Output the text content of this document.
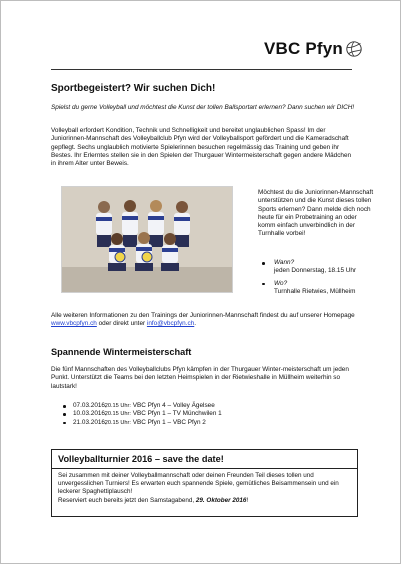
VBC Pfyn
Sportbegeistert? Wir suchen Dich!

Spielst du gerne Volleyball und möchtest die Kunst der tollen Ballsportart erlernen? Dann suchen wir DICH!

Volleyball erfordert Kondition, Technik und Schnelligkeit und bereitet unglaublichen Spass! Im der Juniorinnen-Mannschaft des Volleyballclub Pfyn wird der Volleyballsport gefördert und die Kameradschaft gepflegt. Sechs unglaublich motivierte Spielerinnen besuchen regelmässig das Training und geben ihr Bestes. Ihr Erlerntes stellen sie in den Spielen der Thurgauer Wintermeisterschaft gegen andere Mädchen in ihrem Alter unter Beweis.

Möchtest du die Juniorinnen-Mannschaft unterstützen und die Kunst dieses tollen Sports erlernen? Dann melde dich noch heute für ein Probetraining an oder komm einfach unverbindlich in der Turnhalle vorbei!

Wann?
jeden Donnerstag, 18.15 Uhr
Wo?
Turnhalle Rietwies, Müllheim

Alle weiteren Informationen zu den Trainings der Juniorinnen-Mannschaft findest du auf unserer Homepage www.vbcpfyn.ch oder direkt unter info@vbcpfyn.ch.

Spannende Wintermeisterschaft

Die fünf Mannschaften des Volleyballclubs Pfyn kämpfen in der Thurgauer Winter-meisterschaft um jeden Punkt. Unterstützt die Teams bei den letzten Heimspielen in der Rietwieshalle in Müllheim weiterhin so lautstark!

07.03.2016, 20.15 Uhr: VBC Pfyn 4 – Volley Ägelsee
10.03.2016, 20.15 Uhr: VBC Pfyn 1 – TV Münchwilen 1
21.03.2016, 20.15 Uhr: VBC Pfyn 1 – VBC Pfyn 2

Volleyballturnier 2016 – save the date!

Sei zusammen mit deiner Volleyballmannschaft oder deinen Freunden Teil dieses tollen und unvergesslichen Turniers! Es erwarten euch spannende Spiele, gemütliches Beisammensein und ein leckerer Spaghettiplausch!
Reserviert euch bereits jetzt den Samstagabend, 29. Oktober 2016!
